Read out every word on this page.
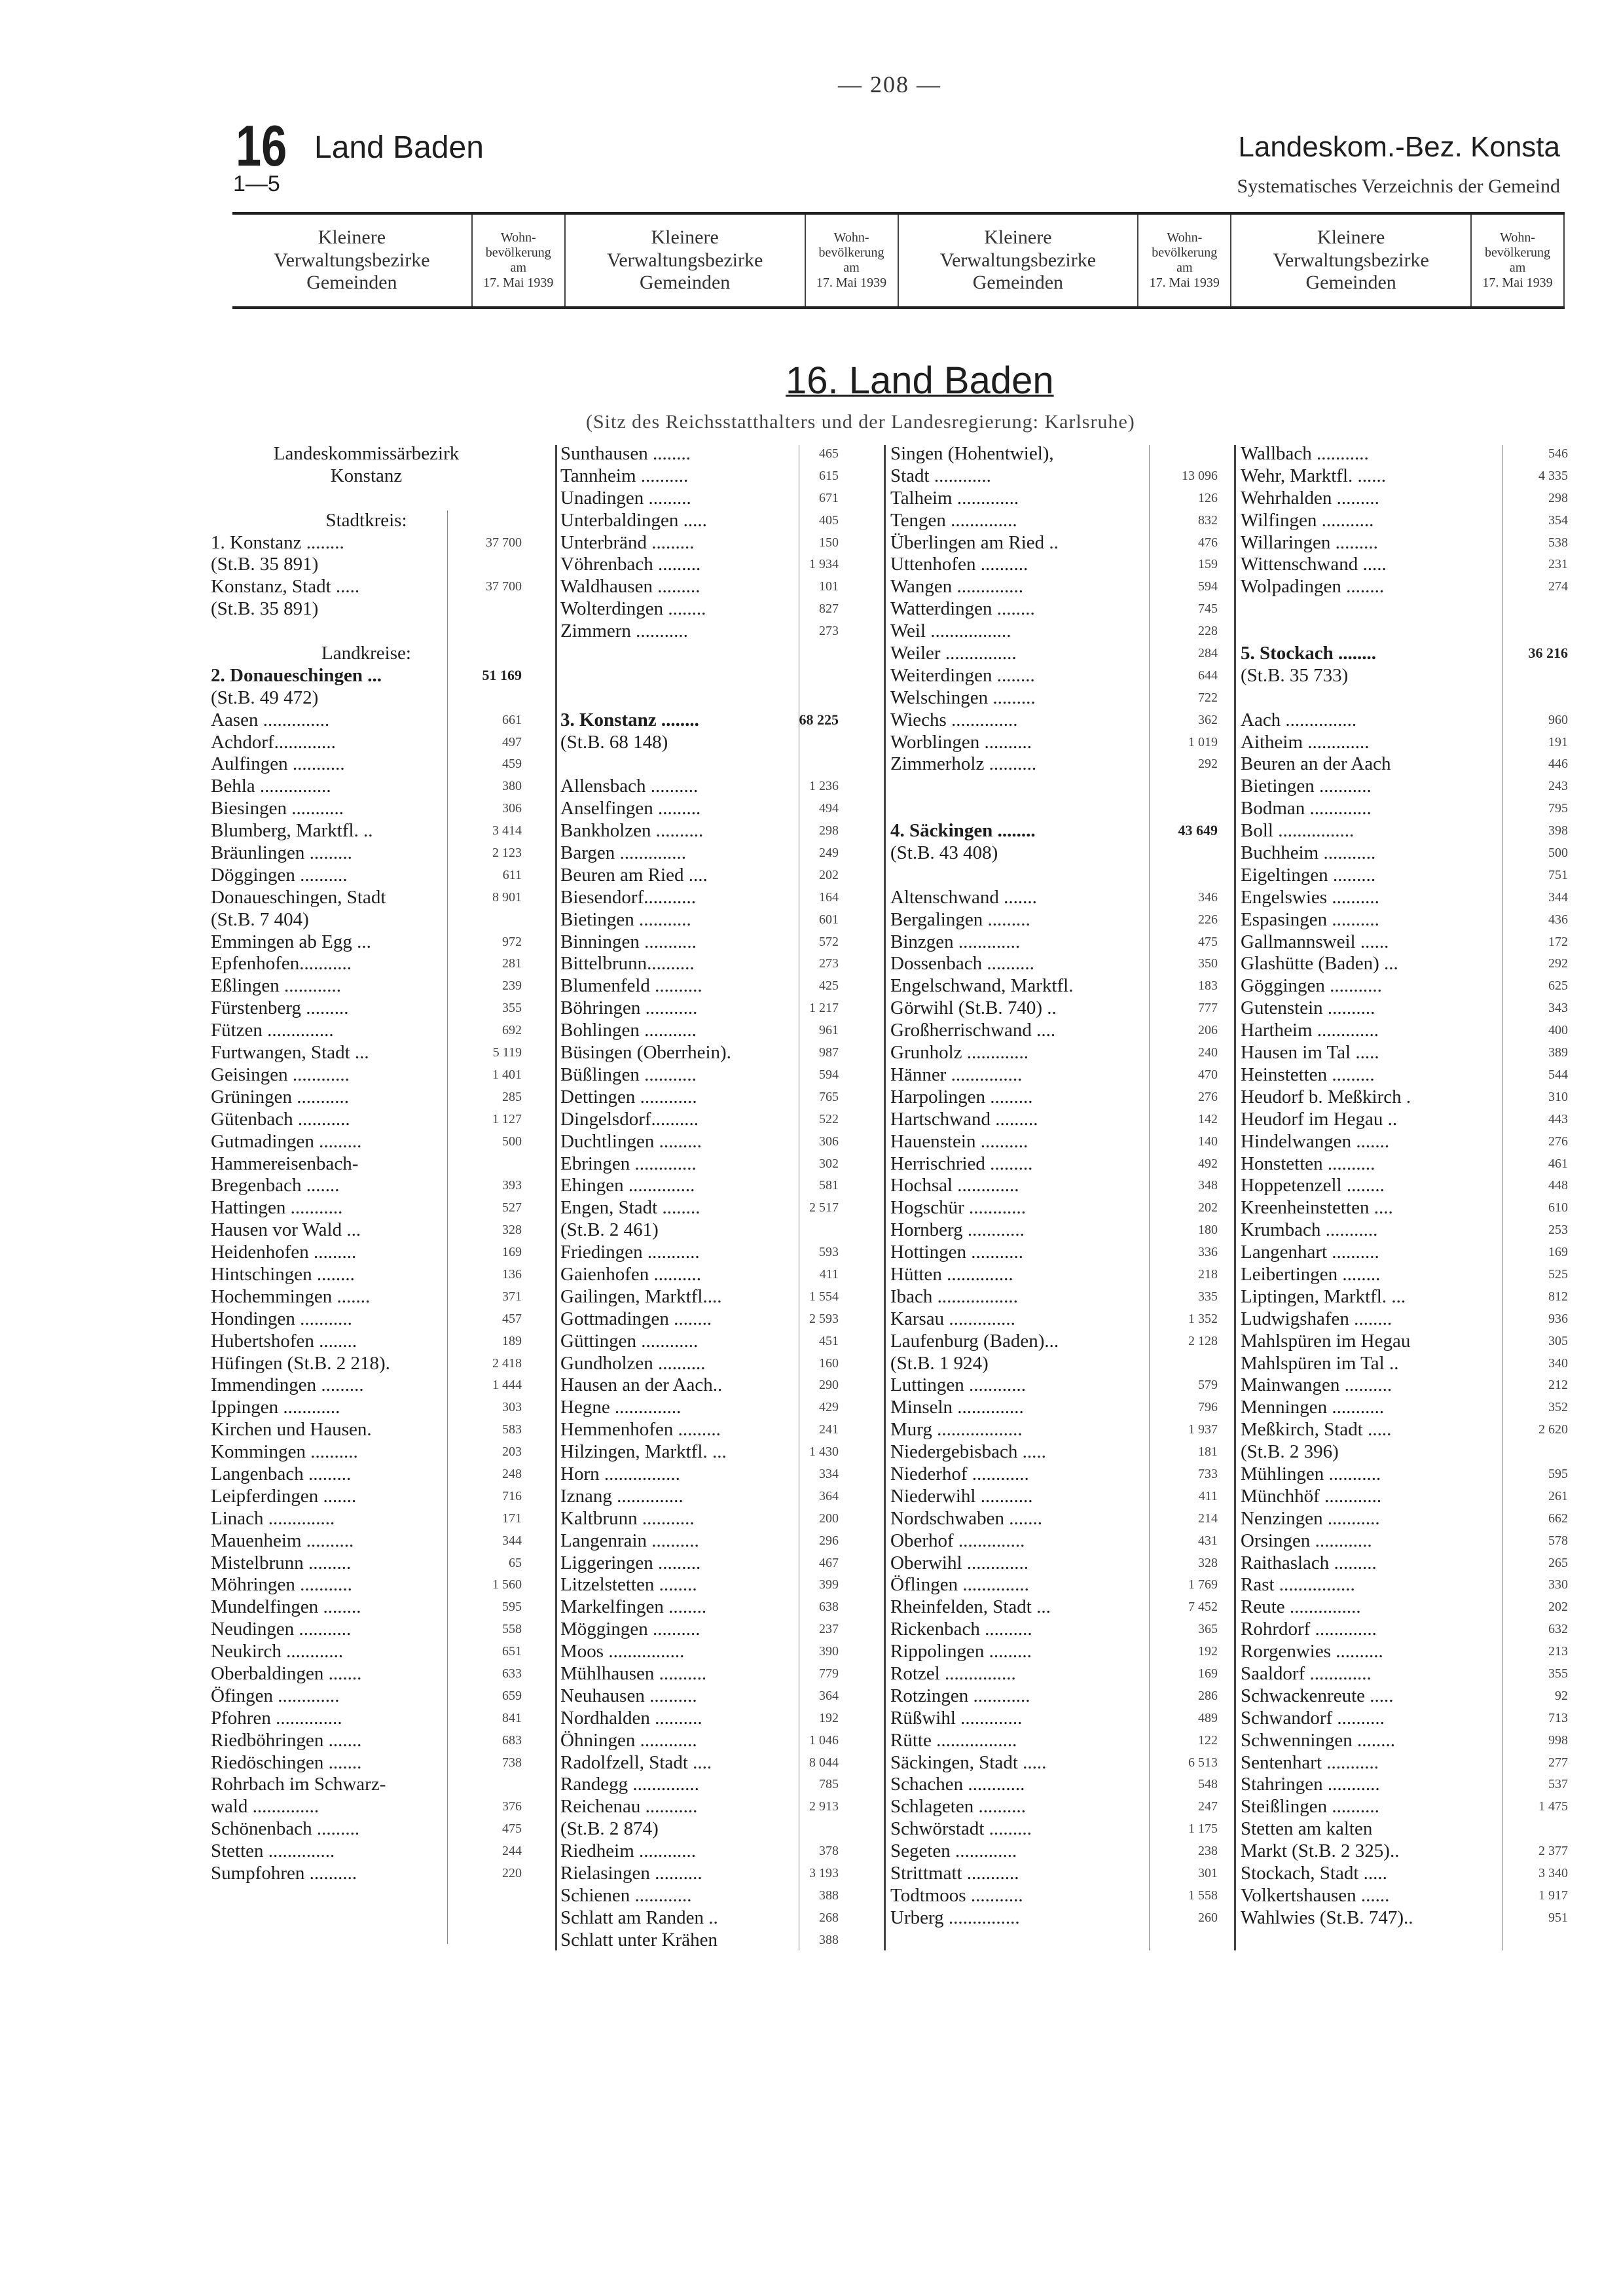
— 208 —
16 Land Baden
1—5
Landeskom.-Bez. Konsta
Systematisches Verzeichnis der Gemeind
Kleinere
Verwaltungsbezirke
Gemeinden
Wohn-
bevölkerung
am
17. Mai 1939
Kleinere
Verwaltungsbezirke
Gemeinden
Wohn-
bevölkerung
am
17. Mai 1939
Kleinere
Verwaltungsbezirke
Gemeinden
Wohn-
bevölkerung
am
17. Mai 1939
Kleinere
Verwaltungsbezirke
Gemeinden
Wohn-
bevölkerung
am
17. Mai 1939
16. Land Baden
(Sitz des Reichsstatthalters und der Landesregierung: Karlsruhe)
Landeskommissärbezirk
Konstanz
Stadtkreis:
1. Konstanz ........	37 700
(St.B. 35 891)
Konstanz, Stadt .....	37 700
(St.B. 35 891)
Landkreise:
2. Donaueschingen ...	51 169
(St.B. 49 472)
Aasen ..............	661
Achdorf.............	497
Aulfingen ...........	459
Behla ...............	380
Biesingen ...........	306
Blumberg, Marktfl. ..	3 414
Bräunlingen .........	2 123
Döggingen ..........	611
Donaueschingen, Stadt	8 901
(St.B. 7 404)
Emmingen ab Egg ...	972
Epfenhofen...........	281
Eßlingen ............	239
Fürstenberg .........	355
Fützen ..............	692
Furtwangen, Stadt ...	5 119
Geisingen ............	1 401
Grüningen ...........	285
Gütenbach ...........	1 127
Gutmadingen .........	500
Hammereisenbach-
Bregenbach .......	393
Hattingen ...........	527
Hausen vor Wald ...	328
Heidenhofen .........	169
Hintschingen ........	136
Hochemmingen .......	371
Hondingen ...........	457
Hubertshofen ........	189
Hüfingen (St.B. 2 218).	2 418
Immendingen .........	1 444
Ippingen ............	303
Kirchen und Hausen.	583
Kommingen ..........	203
Langenbach .........	248
Leipferdingen .......	716
Linach ..............	171
Mauenheim ..........	344
Mistelbrunn .........	65
Möhringen ...........	1 560
Mundelfingen ........	595
Neudingen ...........	558
Neukirch ............	651
Oberbaldingen .......	633
Öfingen .............	659
Pfohren ..............	841
Riedböhringen .......	683
Riedöschingen .......	738
Rohrbach im Schwarz-
wald ..............	376
Schönenbach .........	475
Stetten ..............	244
Sumpfohren ..........	220
Sunthausen ........	465
Tannheim ..........	615
Unadingen .........	671
Unterbaldingen .....	405
Unterbränd .........	150
Vöhrenbach .........	1 934
Waldhausen .........	101
Wolterdingen ........	827
Zimmern ...........	273
3. Konstanz ........	68 225
(St.B. 68 148)
Allensbach ..........	1 236
Anselfingen .........	494
Bankholzen ..........	298
Bargen ..............	249
Beuren am Ried ....	202
Biesendorf...........	164
Bietingen ...........	601
Binningen ...........	572
Bittelbrunn..........	273
Blumenfeld ..........	425
Böhringen ...........	1 217
Bohlingen ...........	961
Büsingen (Oberrhein).	987
Büßlingen ...........	594
Dettingen ............	765
Dingelsdorf..........	522
Duchtlingen .........	306
Ebringen .............	302
Ehingen ..............	581
Engen, Stadt ........	2 517
(St.B. 2 461)
Friedingen ...........	593
Gaienhofen ..........	411
Gailingen, Marktfl....	1 554
Gottmadingen ........	2 593
Güttingen ............	451
Gundholzen ..........	160
Hausen an der Aach..	290
Hegne ..............	429
Hemmenhofen .........	241
Hilzingen, Marktfl. ...	1 430
Horn ................	334
Iznang ..............	364
Kaltbrunn ...........	200
Langenrain ..........	296
Liggeringen .........	467
Litzelstetten ........	399
Markelfingen ........	638
Möggingen ..........	237
Moos ................	390
Mühlhausen ..........	779
Neuhausen ..........	364
Nordhalden ..........	192
Öhningen ............	1 046
Radolfzell, Stadt ....	8 044
Randegg ..............	785
Reichenau ...........	2 913
(St.B. 2 874)
Riedheim ............	378
Rielasingen ..........	3 193
Schienen ............	388
Schlatt am Randen ..	268
Schlatt unter Krähen	388
Singen (Hohentwiel),
Stadt ............	13 096
Talheim .............	126
Tengen ..............	832
Überlingen am Ried ..	476
Uttenhofen ..........	159
Wangen ..............	594
Watterdingen ........	745
Weil .................	228
Weiler ...............	284
Weiterdingen ........	644
Welschingen .........	722
Wiechs ..............	362
Worblingen ..........	1 019
Zimmerholz ..........	292
4. Säckingen ........	43 649
(St.B. 43 408)
Altenschwand .......	346
Bergalingen .........	226
Binzgen .............	475
Dossenbach ..........	350
Engelschwand, Marktfl.	183
Görwihl (St.B. 740) ..	777
Großherrischwand ....	206
Grunholz .............	240
Hänner ...............	470
Harpolingen .........	276
Hartschwand .........	142
Hauenstein ..........	140
Herrischried .........	492
Hochsal .............	348
Hogschür ............	202
Hornberg ............	180
Hottingen ...........	336
Hütten ..............	218
Ibach .................	335
Karsau ..............	1 352
Laufenburg (Baden)...	2 128
(St.B. 1 924)
Luttingen ............	579
Minseln ..............	796
Murg ..................	1 937
Niedergebisbach .....	181
Niederhof ............	733
Niederwihl ...........	411
Nordschwaben .......	214
Oberhof ..............	431
Oberwihl .............	328
Öflingen ..............	1 769
Rheinfelden, Stadt ...	7 452
Rickenbach ..........	365
Rippolingen .........	192
Rotzel ...............	169
Rotzingen ............	286
Rüßwihl .............	489
Rütte .................	122
Säckingen, Stadt .....	6 513
Schachen ............	548
Schlageten ..........	247
Schwörstadt .........	1 175
Segeten .............	238
Strittmatt ...........	301
Todtmoos ...........	1 558
Urberg ...............	260
Wallbach ...........	546
Wehr, Marktfl. ......	4 335
Wehrhalden .........	298
Wilfingen ...........	354
Willaringen .........	538
Wittenschwand .....	231
Wolpadingen ........	274
5. Stockach ........	36 216
(St.B. 35 733)
Aach ...............	960
Aitheim .............	191
Beuren an der Aach	446
Bietingen ...........	243
Bodman .............	795
Boll ................	398
Buchheim ...........	500
Eigeltingen .........	751
Engelswies ..........	344
Espasingen ..........	436
Gallmannsweil ......	172
Glashütte (Baden) ...	292
Göggingen ...........	625
Gutenstein ..........	343
Hartheim .............	400
Hausen im Tal .....	389
Heinstetten .........	544
Heudorf b. Meßkirch .	310
Heudorf im Hegau ..	443
Hindelwangen .......	276
Honstetten ..........	461
Hoppetenzell ........	448
Kreenheinstetten ....	610
Krumbach ...........	253
Langenhart ..........	169
Leibertingen ........	525
Liptingen, Marktfl. ...	812
Ludwigshafen ........	936
Mahlspüren im Hegau	305
Mahlspüren im Tal ..	340
Mainwangen ..........	212
Menningen ...........	352
Meßkirch, Stadt .....	2 620
(St.B. 2 396)
Mühlingen ...........	595
Münchhöf ............	261
Nenzingen ...........	662
Orsingen ............	578
Raithaslach .........	265
Rast ................	330
Reute ...............	202
Rohrdorf .............	632
Rorgenwies ..........	213
Saaldorf .............	355
Schwackenreute .....	92
Schwandorf ..........	713
Schwenningen ........	998
Sentenhart ...........	277
Stahringen ...........	537
Steißlingen ..........	1 475
Stetten am kalten
Markt (St.B. 2 325)..	2 377
Stockach, Stadt .....	3 340
Volkertshausen ......	1 917
Wahlwies (St.B. 747)..	951
